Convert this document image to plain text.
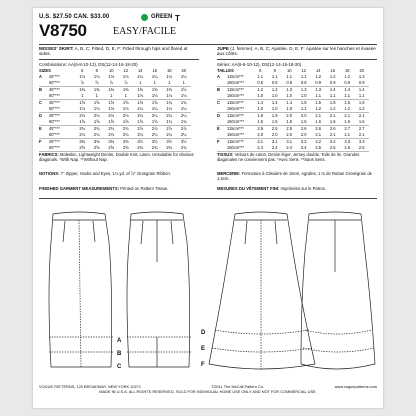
U.S. $27.50 CAN. $33.00	GREEN T
V8750	EASY/FACILE
MISSES' SKIRT: A, B, C; Fitted, D, E, F: Fitted through hips and flared at sides.
JUPE (J. femme): A, B, C; Ajustée. D, E, F: Ajustée sur les hanches et évasée aux côtés.
Combinations: AA(6-8-10-12), DS(12-14-16-18-20)	Séries: AA(6-8-10-12), DS(12-14-16-18-20)
SIZES		6	8	10	12	14	16	18	20
A	45"***	1⅛	1⅛	1⅛	1⅛	1¼	1¼	1¼	1¼
	60"***	⅞	⅞	⅞	⅞	1	1	1	1
B	45"***	1⅜	1⅜	1⅜	1⅜	1⅜	1⅜	1⅜	1½
	60"***	1	1	1	1	1⅛	1⅛	1⅛	1⅛
C	45"***	1⅝	1⅝	1⅝	1⅝	1⅝	1⅝	1¾	1¾
	60"***	1⅛	1⅛	1⅛	1⅛	1¼	1¼	1¼	1¼
D	45"***	2⅛	2⅛	2⅛	2⅛	2¼	2¼	2¼	2¼
	60"***	1⅝	1⅝	1⅝	1⅝	1⅝	1⅝	1¾	1¾
E	45"***	2¾	2¾	2¾	2¾	2⅞	2⅞	2⅞	2⅞
	60"***	2⅛	2⅛	2⅛	2⅛	2¼	2¼	2¼	2¼
F	45"***	3⅜	3⅜	3⅜	3⅜	3½	3½	3½	3½
	60"***	2⅝	2⅝	2⅝	2⅝	2¾	2¾	2¾	2¾
TAILLES		6	8	10	12	14	16	18	20
A	115cm***	1.1	1.1	1.1	1.1	1.2	1.2	1.2	1.3
	150cm***	0.8	0.8	0.8	0.8	0.9	0.9	0.9	0.9
B	115cm***	1.2	1.2	1.3	1.3	1.3	1.4	1.4	1.4
	150cm***	1.0	1.0	1.0	1.0	1.1	1.1	1.1	1.1
C	115cm***	1.4	1.4	1.4	1.5	1.5	1.5	1.6	1.6
	150cm***	1.0	1.0	1.0	1.1	1.2	1.2	1.2	1.2
D	115cm***	1.9	1.9	2.0	2.0	2.1	2.1	2.1	2.1
	150cm***	1.5	1.5	1.5	1.5	1.6	1.6	1.6	1.6
E	115cm***	2.5	2.5	2.5	2.6	2.6	2.6	2.7	2.7
	150cm***	2.0	2.0	2.0	2.0	2.1	2.1	2.1	2.1
F	115cm***	3.1	3.1	3.1	3.2	3.2	3.2	3.3	3.3
	150cm***	2.4	2.4	2.4	2.4	2.5	2.5	2.5	2.5
FABRICS: Moleskin, Lightweight Denim, Double Knit, Linen. Unsuitable for obvious diagonals. *With Nap. **Without Nap.
NOTIONS: 7" Zipper, Hooks and Eyes, 1⅛ yd. of ⅞" Grosgrain Ribbon.
FINISHED GARMENT MEASUREMENTS: Printed on Pattern Tissue.
TISSUS: Velours de coton, Denim léger, Jersey double, Toile de lin. Grandes diagonales ne conviennent pas. *Avec Sens. **Sans Sens.
MERCERIE: Fermeture à Glissière de 18cm, Agrafes, 1 m de Ruban Groségrain de 1,5cm.
MESURES DU VÊTEMENT FINI: Imprimées sur le Patron.
A
B
C
D
E
F
VOGUE PATTERNS, 120 BROADWAY, NEW YORK 10271	©2011 The McCall Pattern Co.	www.voguepatterns.com
MADE IN U.S.A. ALL RIGHTS RESERVED. SOLD FOR INDIVIDUAL HOME USE ONLY AND NOT FOR COMMERCIAL USE.
